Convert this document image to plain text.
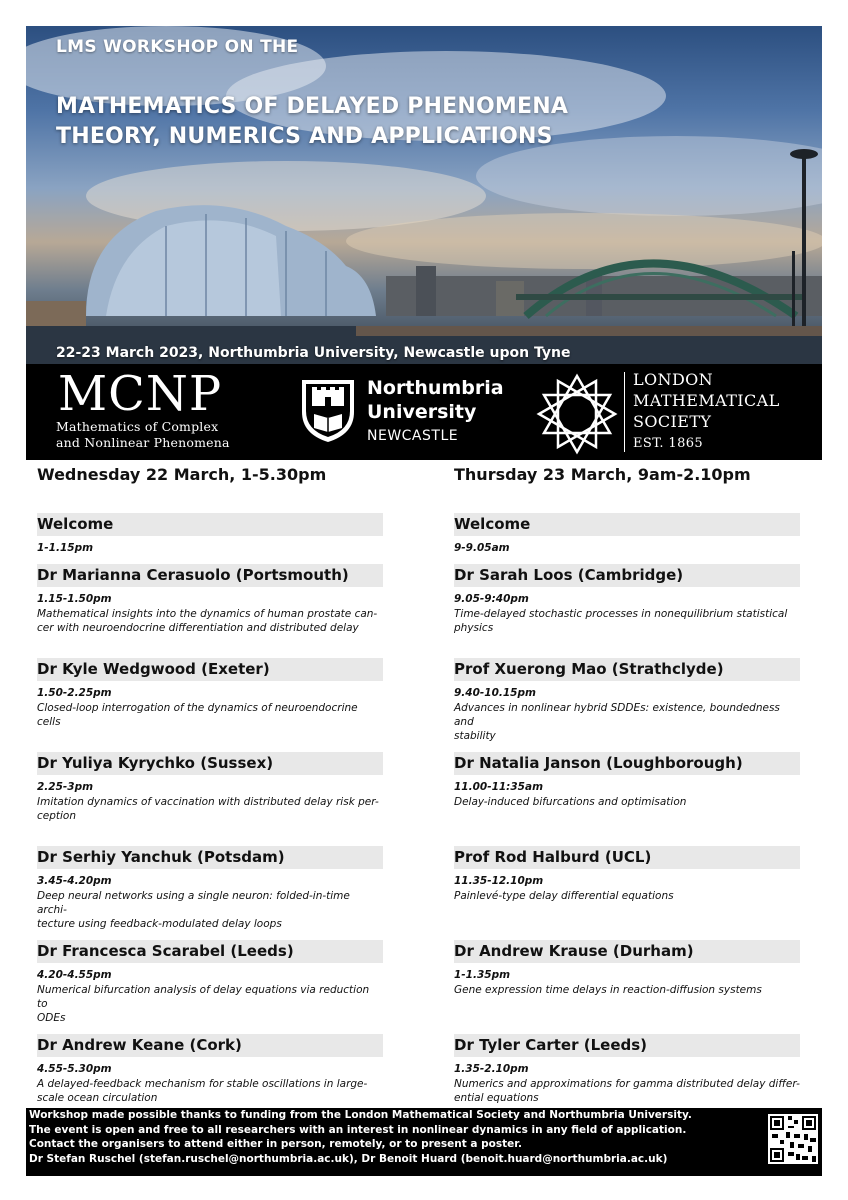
LMS WORKSHOP ON THE
MATHEMATICS OF DELAYED PHENOMENA
THEORY, NUMERICS AND APPLICATIONS
22-23 March 2023, Northumbria University, Newcastle upon Tyne
MCNP
Mathematics of Complex
and Nonlinear Phenomena
Northumbria
University
NEWCASTLE
LONDON
MATHEMATICAL
SOCIETY
EST. 1865
Wednesday 22 March, 1-5.30pm	Thursday 23 March, 9am-2.10pm
Welcome
1-1.15pm
Dr Marianna Cerasuolo (Portsmouth)
1.15-1.50pm
Mathematical insights into the dynamics of human prostate can-
cer with neuroendocrine differentiation and distributed delay
Dr Kyle Wedgwood (Exeter)
1.50-2.25pm
Closed-loop interrogation of the dynamics of neuroendocrine
cells
Dr Yuliya Kyrychko (Sussex)
2.25-3pm
Imitation dynamics of vaccination with distributed delay risk per-
ception
Dr Serhiy Yanchuk (Potsdam)
3.45-4.20pm
Deep neural networks using a single neuron: folded-in-time archi-
tecture using feedback-modulated delay loops
Dr Francesca Scarabel (Leeds)
4.20-4.55pm
Numerical bifurcation analysis of delay equations via reduction to
ODEs
Dr Andrew Keane (Cork)
4.55-5.30pm
A delayed-feedback mechanism for stable oscillations in large-
scale ocean circulation
Welcome
9-9.05am
Dr Sarah Loos (Cambridge)
9.05-9:40pm
Time-delayed stochastic processes in nonequilibrium statistical
physics
Prof Xuerong Mao (Strathclyde)
9.40-10.15pm
Advances in nonlinear hybrid SDDEs: existence, boundedness and
stability
Dr Natalia Janson (Loughborough)
11.00-11:35am
Delay-induced bifurcations and optimisation
Prof Rod Halburd (UCL)
11.35-12.10pm
Painlevé-type delay differential equations
Dr Andrew Krause (Durham)
1-1.35pm
Gene expression time delays in reaction-diffusion systems
Dr Tyler Carter (Leeds)
1.35-2.10pm
Numerics and approximations for gamma distributed delay differ-
ential equations
Workshop made possible thanks to funding from the London Mathematical Society and Northumbria University.
The event is open and free to all researchers with an interest in nonlinear dynamics in any field of application.
Contact the organisers to attend either in person, remotely, or to present a poster.
Dr Stefan Ruschel (stefan.ruschel@northumbria.ac.uk), Dr Benoit Huard (benoit.huard@northumbria.ac.uk)
